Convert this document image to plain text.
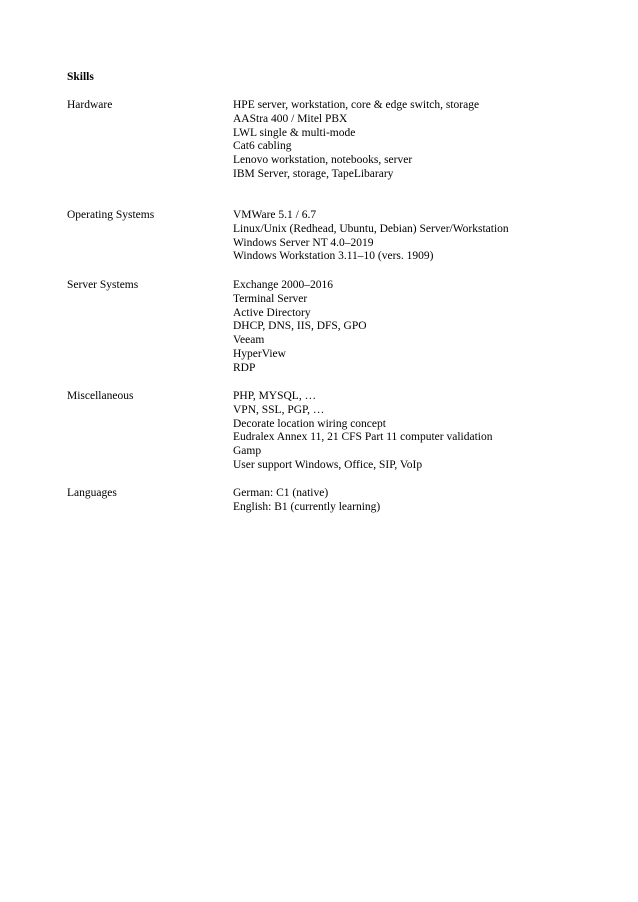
Skills
Hardware	HPE server, workstation, core & edge switch, storage
AAStra 400 / Mitel PBX
LWL single & multi-mode
Cat6 cabling
Lenovo workstation, notebooks, server
IBM Server, storage, TapeLibarary
Operating Systems	VMWare 5.1 / 6.7
Linux/Unix (Redhead, Ubuntu, Debian) Server/Workstation
Windows Server NT 4.0–2019
Windows Workstation 3.11–10 (vers. 1909)
Server Systems	Exchange 2000–2016
Terminal Server
Active Directory
DHCP, DNS, IIS, DFS, GPO
Veeam
HyperView
RDP
Miscellaneous	PHP, MYSQL, …
VPN, SSL, PGP, …
Decorate location wiring concept
Eudralex Annex 11, 21 CFS Part 11 computer validation
Gamp
User support Windows, Office, SIP, VoIp
Languages	German: C1 (native)
English: B1 (currently learning)
